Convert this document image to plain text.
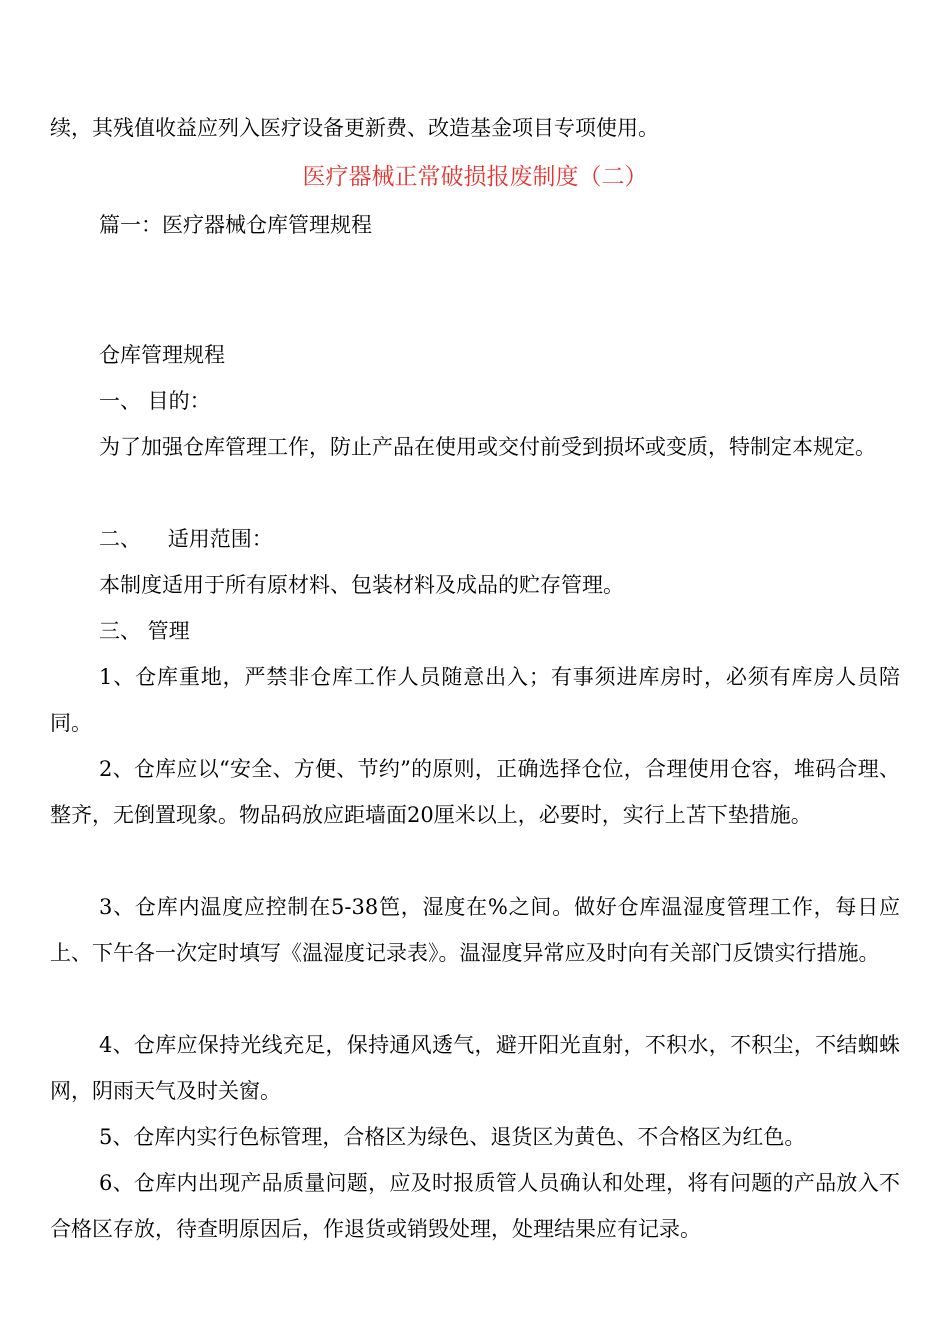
续，其残值收益应列入医疗设备更新费、改造基金项目专项使用。

医疗器械正常破损报废制度（二）

篇一：医疗器械仓库管理规程

仓库管理规程

一、 目的：

为了加强仓库管理工作，防止产品在使用或交付前受到损坏或变质，特制定本规定。

二、 适用范围：

本制度适用于所有原材料、包装材料及成品的贮存管理。

三、 管理

1、仓库重地，严禁非仓库工作人员随意出入；有事须进库房时，必须有库房人员陪同。

2、仓库应以“安全、方便、节约”的原则，正确选择仓位，合理使用仓容，堆码合理、整齐，无倒置现象。物品码放应距墙面20厘米以上，必要时，实行上苫下垫措施。

3、仓库内温度应控制在5-38笆，湿度在%之间。做好仓库温湿度管理工作，每日应上、下午各一次定时填写《温湿度记录表》。温湿度异常应及时向有关部门反馈实行措施。

4、仓库应保持光线充足，保持通风透气，避开阳光直射，不积水，不积尘，不结蜘蛛网，阴雨天气及时关窗。

5、仓库内实行色标管理，合格区为绿色、退货区为黄色、不合格区为红色。

6、仓库内出现产品质量问题，应及时报质管人员确认和处理，将有问题的产品放入不合格区存放，待查明原因后，作退货或销毁处理，处理结果应有记录。
